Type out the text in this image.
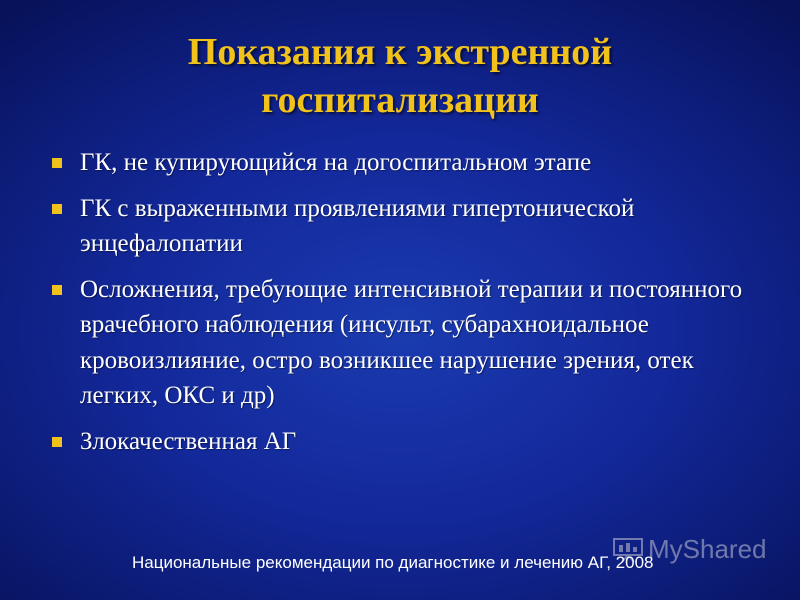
Показания к экстренной
госпитализации
ГК, не купирующийся на догоспитальном этапе
ГК с выраженными проявлениями гипертонической энцефалопатии
Осложнения, требующие интенсивной терапии и постоянного врачебного наблюдения (инсульт, субарахноидальное кровоизлияние, остро возникшее нарушение зрения, отек легких, ОКС и др)
Злокачественная АГ
Национальные рекомендации по диагностике и лечению АГ, 2008
MyShared
